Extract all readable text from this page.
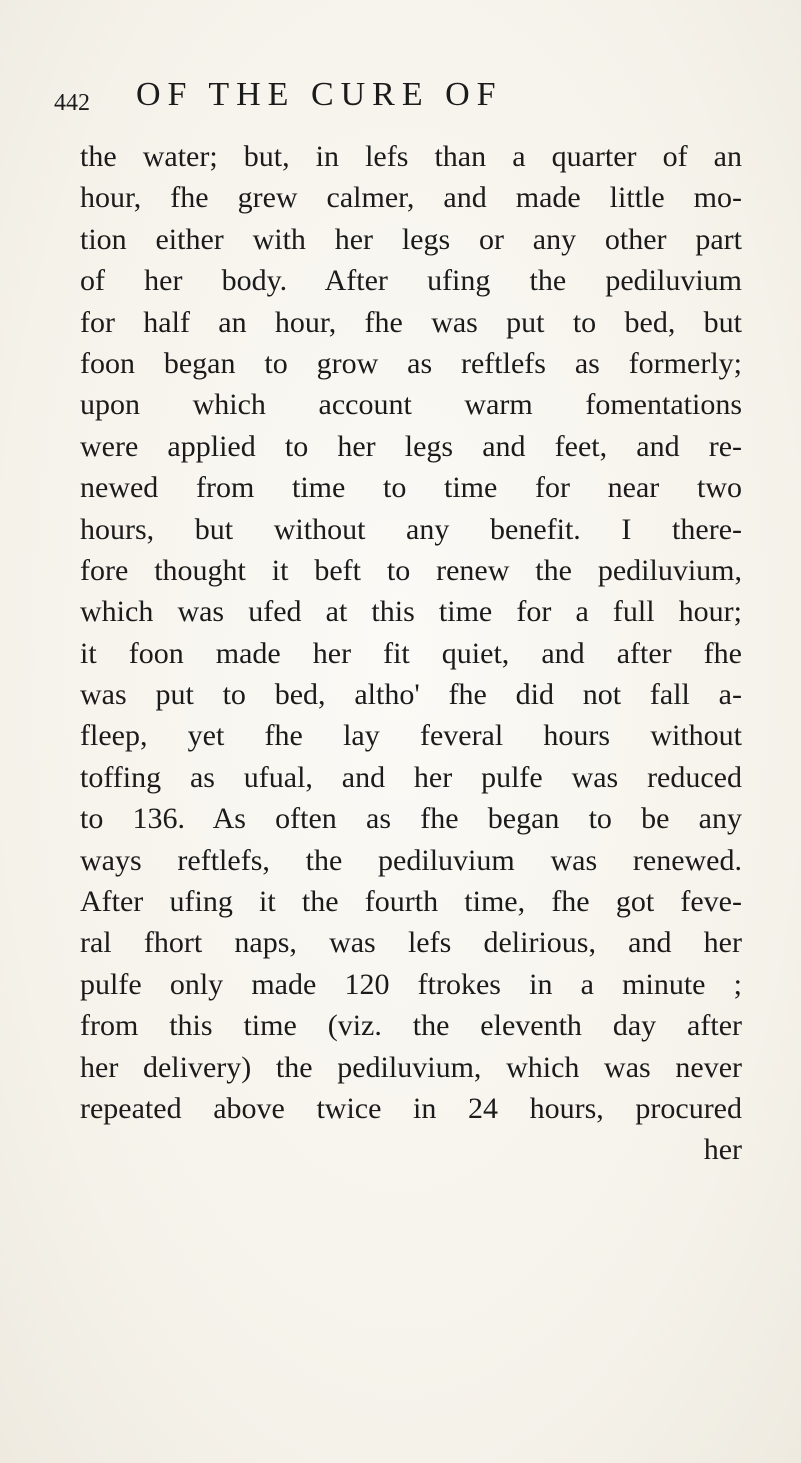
442 OF THE CURE OF
the water; but, in lefs than a quarter of an
hour, fhe grew calmer, and made little mo-
tion either with her legs or any other part
of her body. After ufing the pediluvium
for half an hour, fhe was put to bed, but
foon began to grow as reftlefs as formerly;
upon which account warm fomentations
were applied to her legs and feet, and re-
newed from time to time for near two
hours, but without any benefit. I there-
fore thought it beft to renew the pediluvium,
which was ufed at this time for a full hour;
it foon made her fit quiet, and after fhe
was put to bed, altho' fhe did not fall a-
fleep, yet fhe lay feveral hours without
toffing as ufual, and her pulfe was reduced
to 136. As often as fhe began to be any
ways reftlefs, the pediluvium was renewed.
After ufing it the fourth time, fhe got feve-
ral fhort naps, was lefs delirious, and her
pulfe only made 120 ftrokes in a minute ;
from this time (viz. the eleventh day after
her delivery) the pediluvium, which was never
repeated above twice in 24 hours, procured
her
